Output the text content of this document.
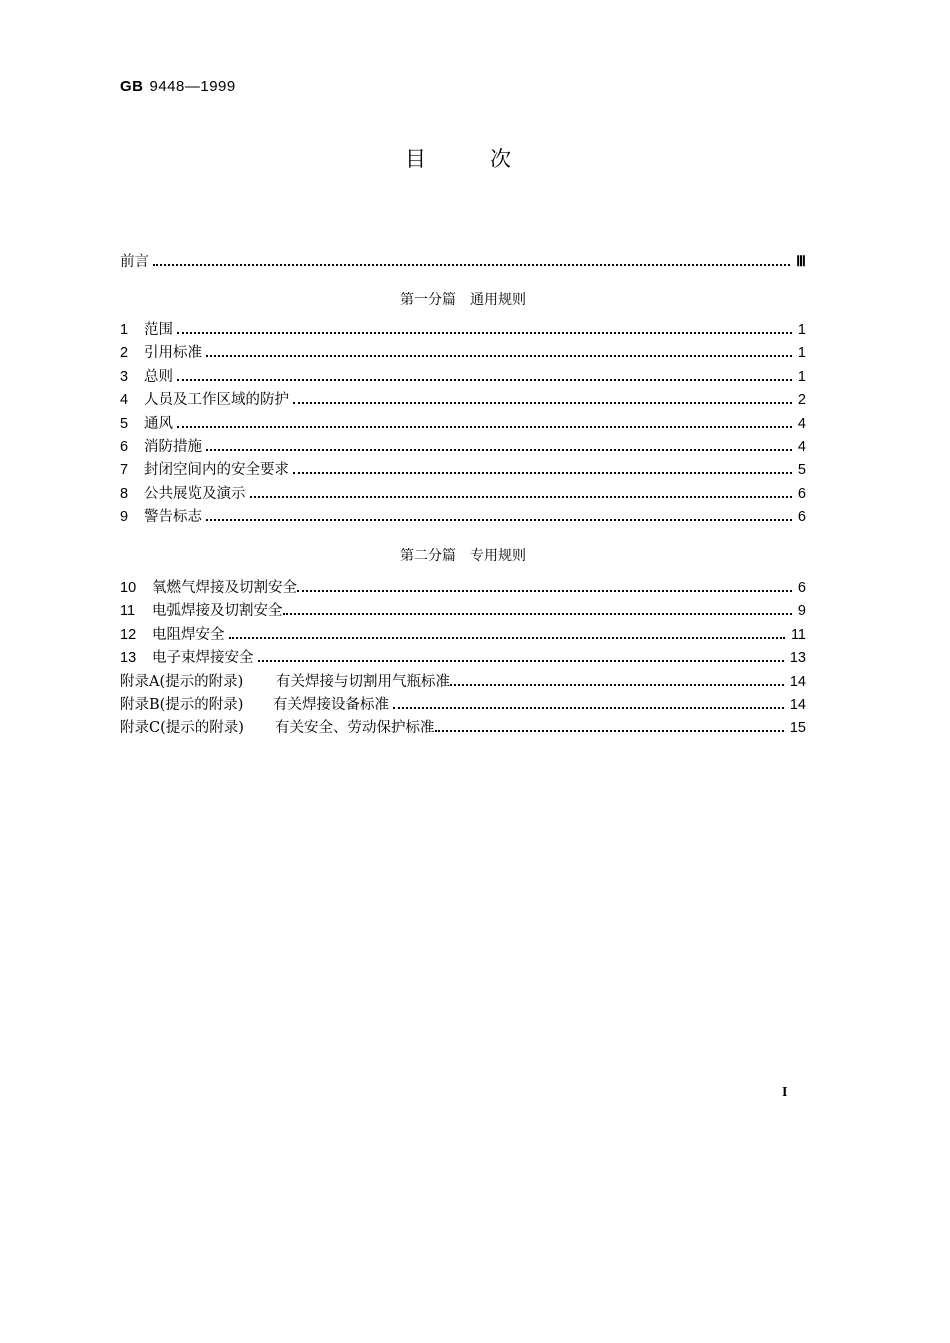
GB 9448—1999
目	次
前言	Ⅲ
第一分篇 通用规则
1	范围	1
2	引用标准	1
3	总则	1
4	人员及工作区域的防护	2
5	通风	4
6	消防措施	4
7	封闭空间内的安全要求	5
8	公共展览及演示	6
9	警告标志	6
第二分篇 专用规则
10	氧燃气焊接及切割安全	6
11	电弧焊接及切割安全	9
12	电阻焊安全	11
13	电子束焊接安全	13
附录A(提示的附录)	有关焊接与切割用气瓶标准	14
附录B(提示的附录)	有关焊接设备标准	14
附录C(提示的附录)	有关安全、劳动保护标准	15
I
